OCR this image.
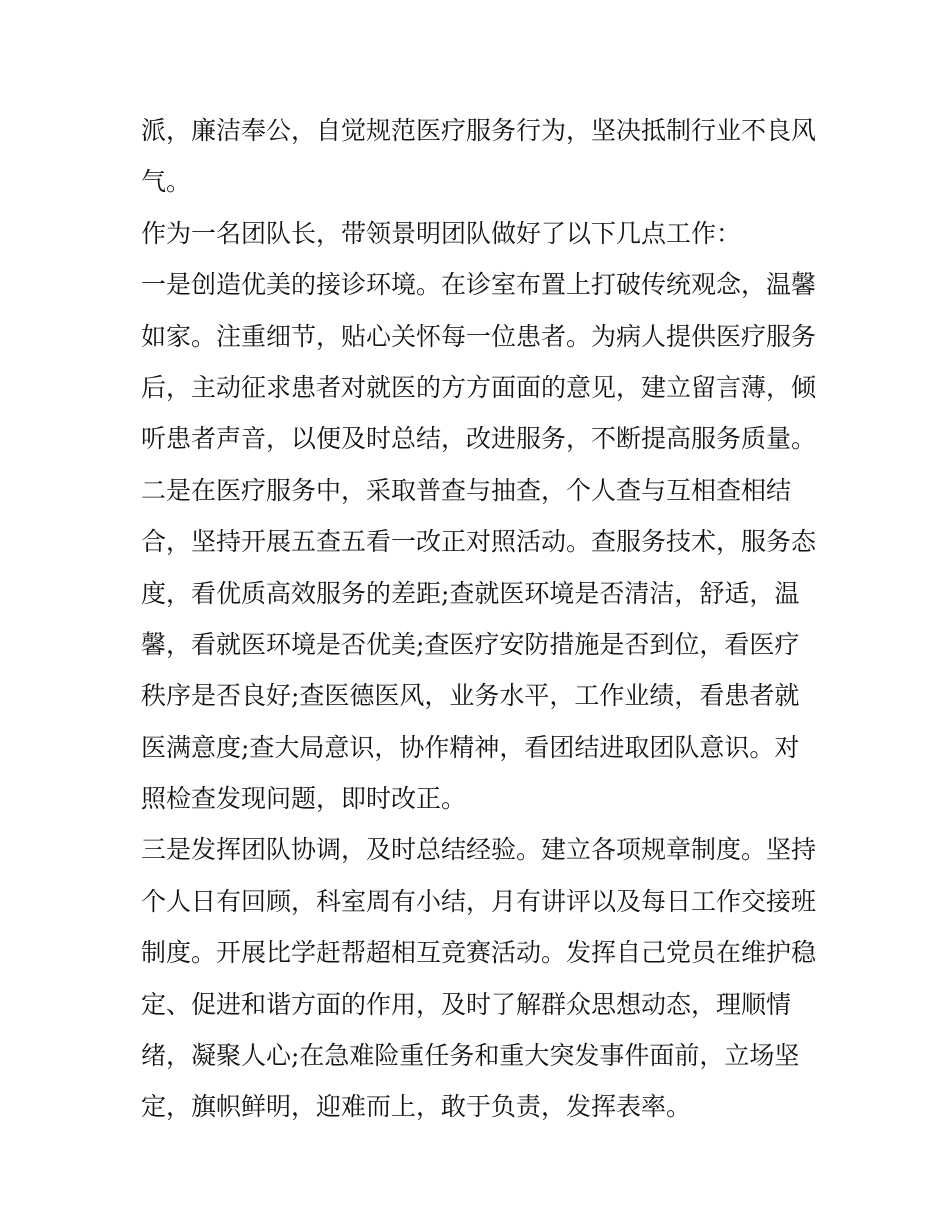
派，廉洁奉公，自觉规范医疗服务行为，坚决抵制行业不良风
气。
作为一名团队长，带领景明团队做好了以下几点工作：
一是创造优美的接诊环境。在诊室布置上打破传统观念，温馨
如家。注重细节，贴心关怀每一位患者。为病人提供医疗服务
后，主动征求患者对就医的方方面面的意见，建立留言薄，倾
听患者声音，以便及时总结，改进服务，不断提高服务质量。
二是在医疗服务中，采取普查与抽查，个人查与互相查相结
合，坚持开展五查五看一改正对照活动。查服务技术，服务态
度，看优质高效服务的差距;查就医环境是否清洁，舒适，温
馨，看就医环境是否优美;查医疗安防措施是否到位，看医疗
秩序是否良好;查医德医风，业务水平，工作业绩，看患者就
医满意度;查大局意识，协作精神，看团结进取团队意识。对
照检查发现问题，即时改正。
三是发挥团队协调，及时总结经验。建立各项规章制度。坚持
个人日有回顾，科室周有小结，月有讲评以及每日工作交接班
制度。开展比学赶帮超相互竞赛活动。发挥自己党员在维护稳
定、促进和谐方面的作用，及时了解群众思想动态，理顺情
绪，凝聚人心;在急难险重任务和重大突发事件面前，立场坚
定，旗帜鲜明，迎难而上，敢于负责，发挥表率。
